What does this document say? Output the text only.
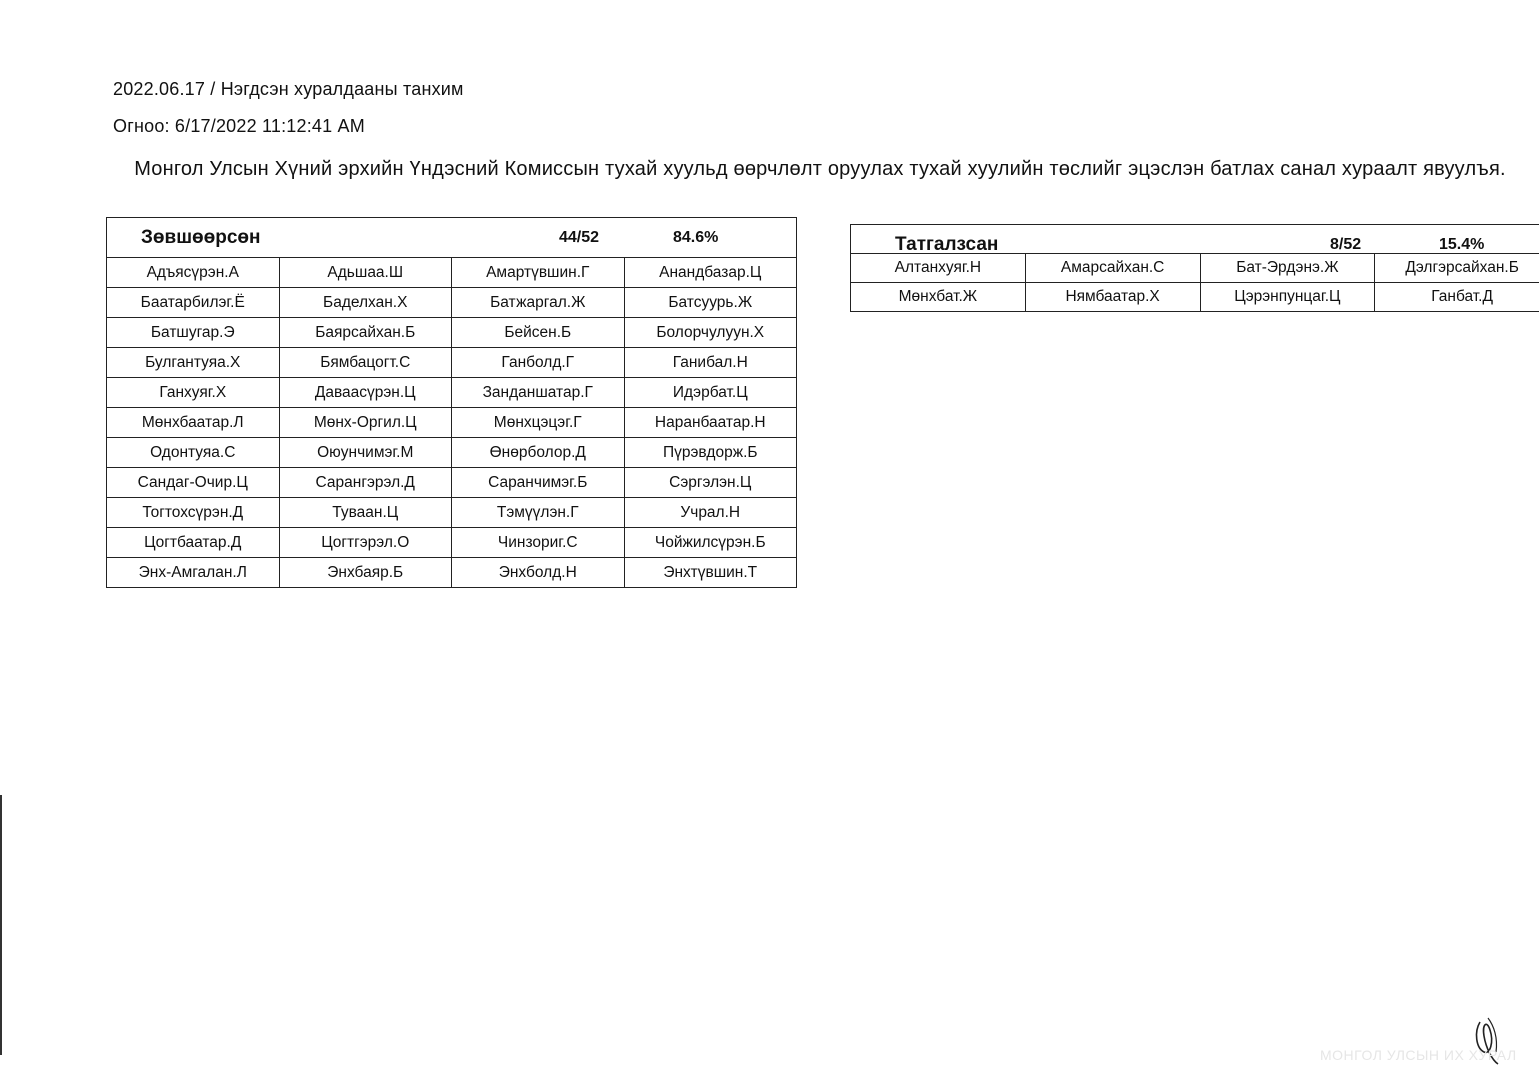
2022.06.17 / Нэгдсэн хуралдааны танхим
Огноо: 6/17/2022 11:12:41 AM
Монгол Улсын Хүний эрхийн Үндэсний Комиссын тухай хуульд өөрчлөлт оруулах тухай хуулийн төслийг эцэслэн батлах санал хураалт явуулъя.
Зөвшөөрсөн 44/52 84.6%			

Адъясүрэн.А	Адьшаа.Ш	Амартүвшин.Г	Анандбазар.Ц
Баатарбилэг.Ё	Баделхан.Х	Батжаргал.Ж	Батсуурь.Ж
Батшугар.Э	Баярсайхан.Б	Бейсен.Б	Болорчулуун.Х
Булгантуяа.Х	Бямбацогт.С	Ганболд.Г	Ганибал.Н
Ганхуяг.Х	Даваасүрэн.Ц	Занданшатар.Г	Идэрбат.Ц
Мөнхбаатар.Л	Мөнх-Оргил.Ц	Мөнхцэцэг.Г	Наранбаатар.Н
Одонтуяа.С	Оюунчимэг.М	Өнөрболор.Д	Пүрэвдорж.Б
Сандаг-Очир.Ц	Сарангэрэл.Д	Саранчимэг.Б	Сэргэлэн.Ц
Тогтохсүрэн.Д	Туваан.Ц	Тэмүүлэн.Г	Учрал.Н
Цогтбаатар.Д	Цогтгэрэл.О	Чинзориг.С	Чойжилсүрэн.Б
Энх-Амгалан.Л	Энхбаяр.Б	Энхболд.Н	Энхтүвшин.Т
Татгалзсан 8/52 15.4%			

Алтанхуяг.Н	Амарсайхан.С	Бат-Эрдэнэ.Ж	Дэлгэрсайхан.Б
Мөнхбат.Ж	Нямбаатар.Х	Цэрэнпунцаг.Ц	Ганбат.Д
МОНГОЛ УЛСЫН ИХ ХУРАЛ
